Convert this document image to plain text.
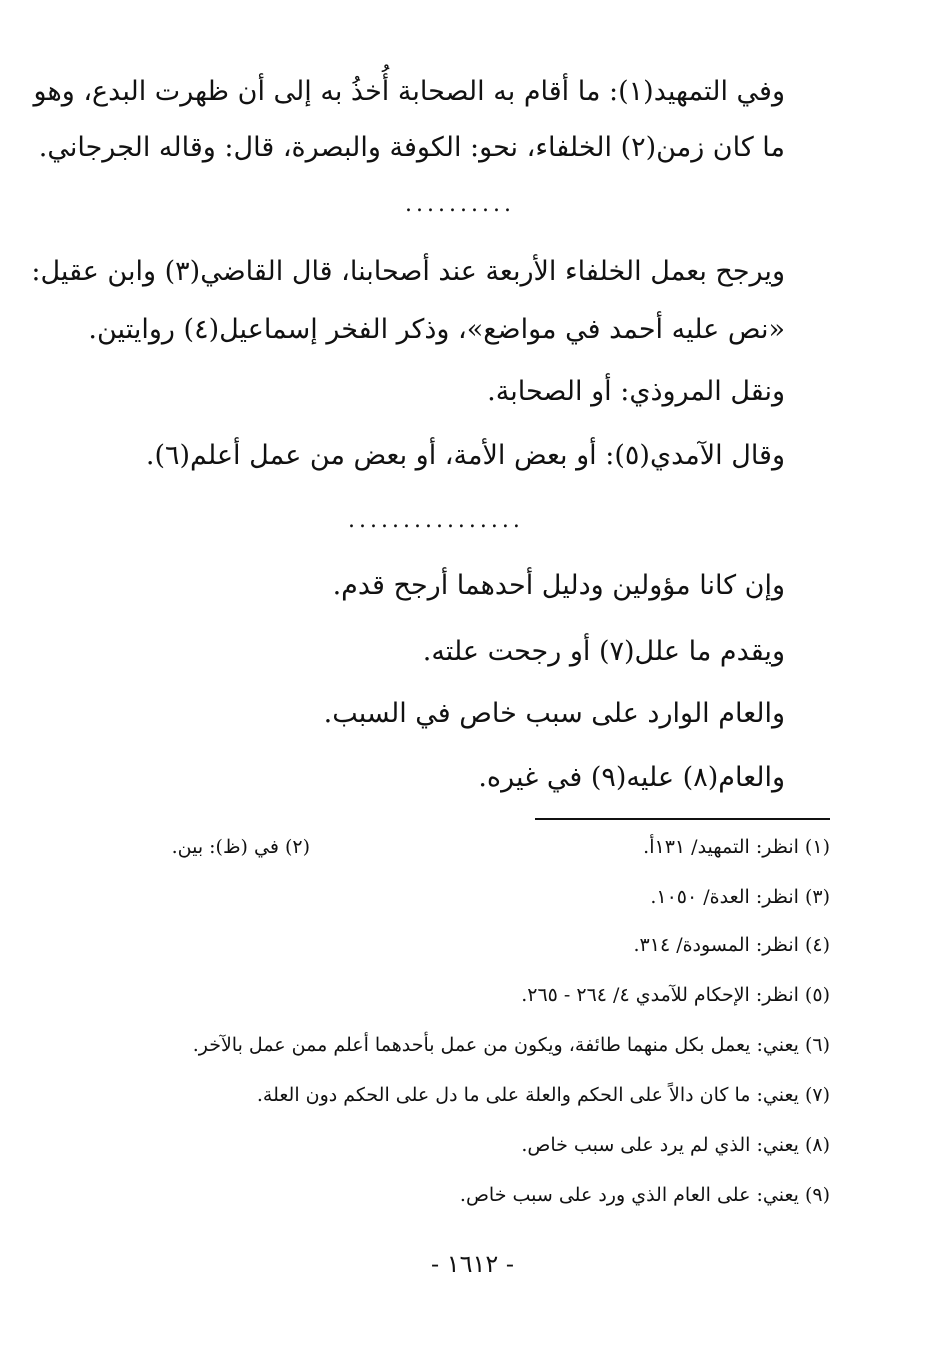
وفي التمهيد(١): ما أقام به الصحابة أُخذُ به إلى أن ظهرت البدع، وهو
ما كان زمن(٢) الخلفاء، نحو: الكوفة والبصرة، قال: وقاله الجرجاني.
..........
ويرجح بعمل الخلفاء الأربعة عند أصحابنا، قال القاضي(٣) وابن عقيل:
«نص عليه أحمد في مواضع»، وذكر الفخر إسماعيل(٤) روايتين.
ونقل المروذي: أو الصحابة.
وقال الآمدي(٥): أو بعض الأمة، أو بعض من عمل أعلم(٦).
................
وإن كانا مؤولين ودليل أحدهما أرجح قدم.
ويقدم ما علل(٧) أو رجحت علته.
والعام الوارد على سبب خاص في السبب.
والعام(٨) عليه(٩) في غيره.
(١) انظر: التمهيد/ ١٣١أ.
(٢) في (ظ): بين.
(٣) انظر: العدة/ ١٠٥٠.
(٤) انظر: المسودة/ ٣١٤.
(٥) انظر: الإحكام للآمدي ٤/ ٢٦٤ - ٢٦٥.
(٦) يعني: يعمل بكل منهما طائفة، ويكون من عمل بأحدهما أعلم ممن عمل بالآخر.
(٧) يعني: ما كان دالاً على الحكم والعلة على ما دل على الحكم دون العلة.
(٨) يعني: الذي لم يرد على سبب خاص.
(٩) يعني: على العام الذي ورد على سبب خاص.
- ١٦١٢ -
